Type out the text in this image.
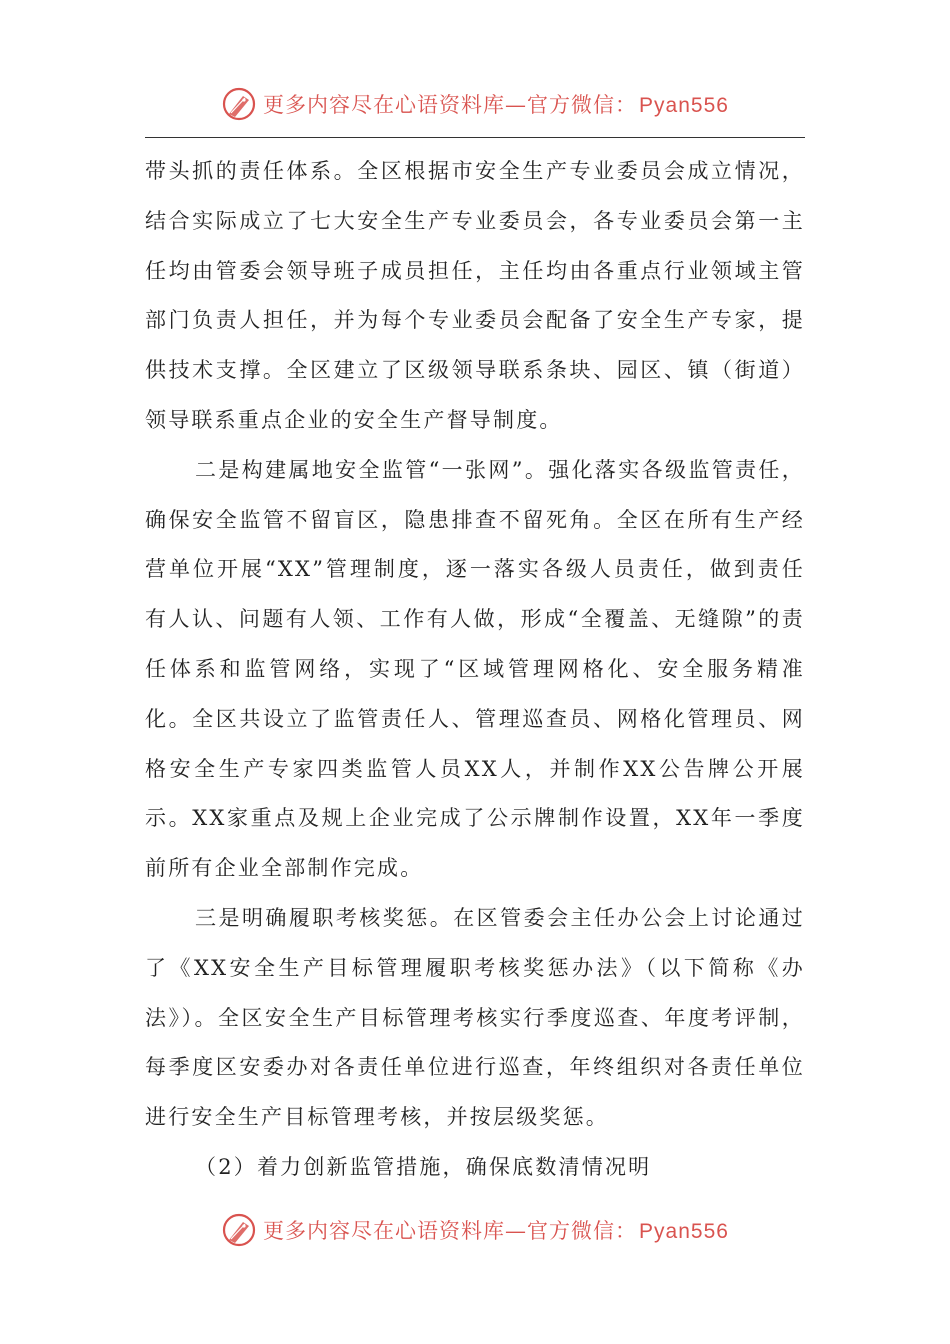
更多内容尽在心语资料库—官方微信：Pyan556

带头抓的责任体系。全区根据市安全生产专业委员会成立情况，结合实际成立了七大安全生产专业委员会，各专业委员会第一主任均由管委会领导班子成员担任，主任均由各重点行业领域主管部门负责人担任，并为每个专业委员会配备了安全生产专家，提供技术支撑。全区建立了区级领导联系条块、园区、镇（街道）领导联系重点企业的安全生产督导制度。

二是构建属地安全监管“一张网”。强化落实各级监管责任，确保安全监管不留盲区，隐患排查不留死角。全区在所有生产经营单位开展“XX”管理制度，逐一落实各级人员责任，做到责任有人认、问题有人领、工作有人做，形成“全覆盖、无缝隙”的责任体系和监管网络，实现了“区域管理网格化、安全服务精准化。全区共设立了监管责任人、管理巡查员、网格化管理员、网格安全生产专家四类监管人员XX人，并制作XX公告牌公开展示。XX家重点及规上企业完成了公示牌制作设置，XX年一季度前所有企业全部制作完成。

三是明确履职考核奖惩。在区管委会主任办公会上讨论通过了《XX安全生产目标管理履职考核奖惩办法》（以下简称《办法》）。全区安全生产目标管理考核实行季度巡查、年度考评制，每季度区安委办对各责任单位进行巡查，年终组织对各责任单位进行安全生产目标管理考核，并按层级奖惩。

（2）着力创新监管措施，确保底数清情况明

更多内容尽在心语资料库—官方微信：Pyan556
